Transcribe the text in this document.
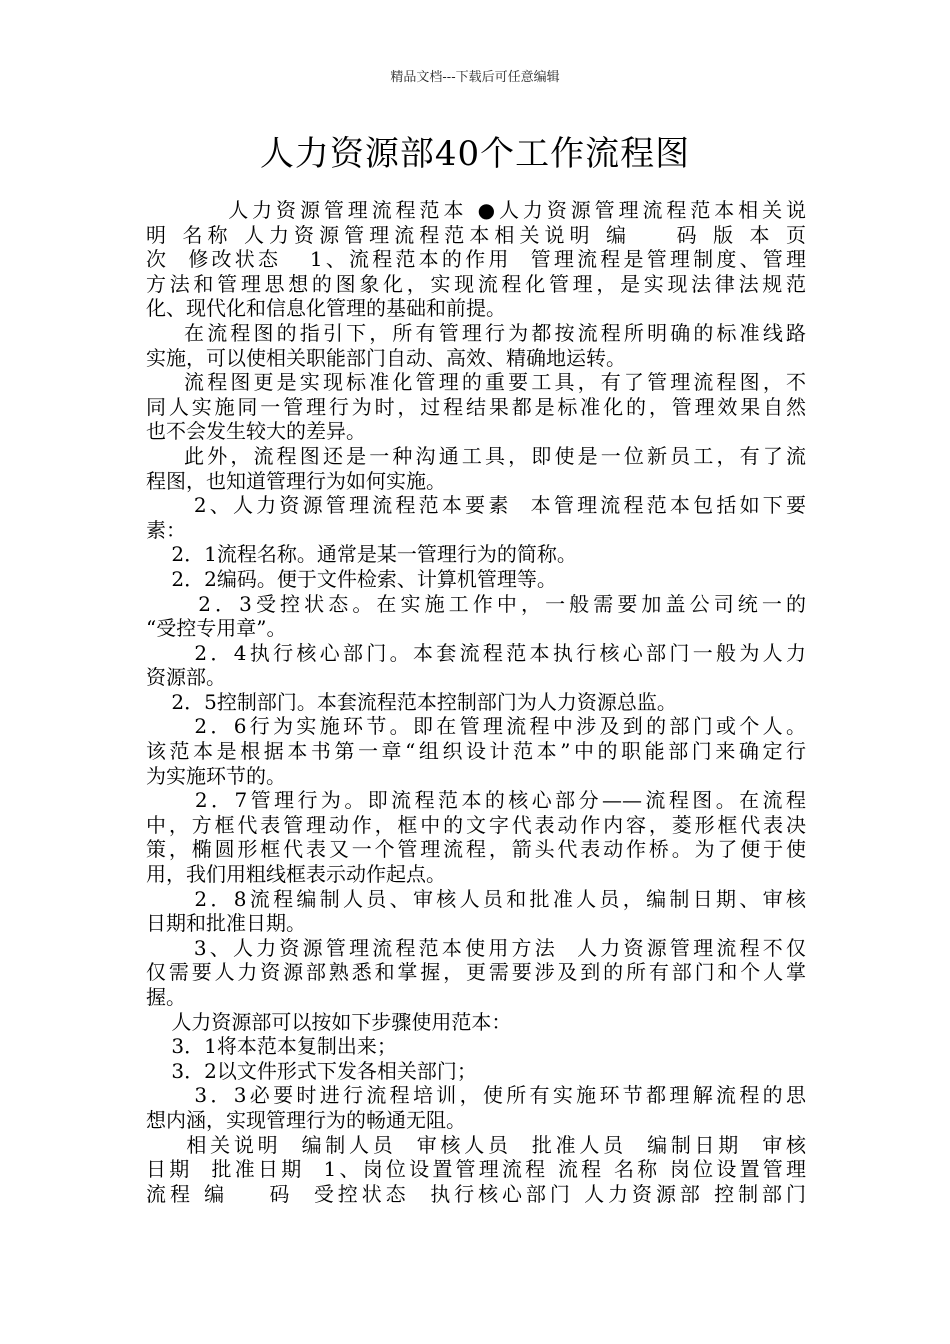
精品文档---下载后可任意编辑
人力资源部40个工作流程图
人力资源管理流程范本 ●人力资源管理流程范本相关说
明 名称 人力资源管理流程范本相关说明 编    码 版 本 页
次  修改状态   1、流程范本的作用  管理流程是管理制度、管理
方法和管理思想的图象化，实现流程化管理，是实现法律法规范
化、现代化和信息化管理的基础和前提。
在流程图的指引下，所有管理行为都按流程所明确的标准线路
实施，可以使相关职能部门自动、高效、精确地运转。
流程图更是实现标准化管理的重要工具，有了管理流程图，不
同人实施同一管理行为时，过程结果都是标准化的，管理效果自然
也不会发生较大的差异。
此外，流程图还是一种沟通工具，即使是一位新员工，有了流
程图，也知道管理行为如何实施。
2、人力资源管理流程范本要素  本管理流程范本包括如下要
素：
2．1流程名称。通常是某一管理行为的简称。
2．2编码。便于文件检索、计算机管理等。
2．3受控状态。在实施工作中，一般需要加盖公司统一的
“受控专用章”。
2．4执行核心部门。本套流程范本执行核心部门一般为人力
资源部。
2．5控制部门。本套流程范本控制部门为人力资源总监。
2．6行为实施环节。即在管理流程中涉及到的部门或个人。
该范本是根据本书第一章“组织设计范本”中的职能部门来确定行
为实施环节的。
2．7管理行为。即流程范本的核心部分——流程图。在流程
中，方框代表管理动作，框中的文字代表动作内容，菱形框代表决
策，椭圆形框代表又一个管理流程，箭头代表动作桥。为了便于使
用，我们用粗线框表示动作起点。
2．8流程编制人员、审核人员和批准人员，编制日期、审核
日期和批准日期。
3、人力资源管理流程范本使用方法  人力资源管理流程不仅
仅需要人力资源部熟悉和掌握，更需要涉及到的所有部门和个人掌
握。
人力资源部可以按如下步骤使用范本：
3．1将本范本复制出来；
3．2以文件形式下发各相关部门；
3．3必要时进行流程培训，使所有实施环节都理解流程的思
想内涵，实现管理行为的畅通无阻。
相关说明  编制人员  审核人员  批准人员  编制日期  审核
日期  批准日期  1、岗位设置管理流程 流程 名称 岗位设置管理
流程 编    码  受控状态  执行核心部门 人力资源部 控制部门
